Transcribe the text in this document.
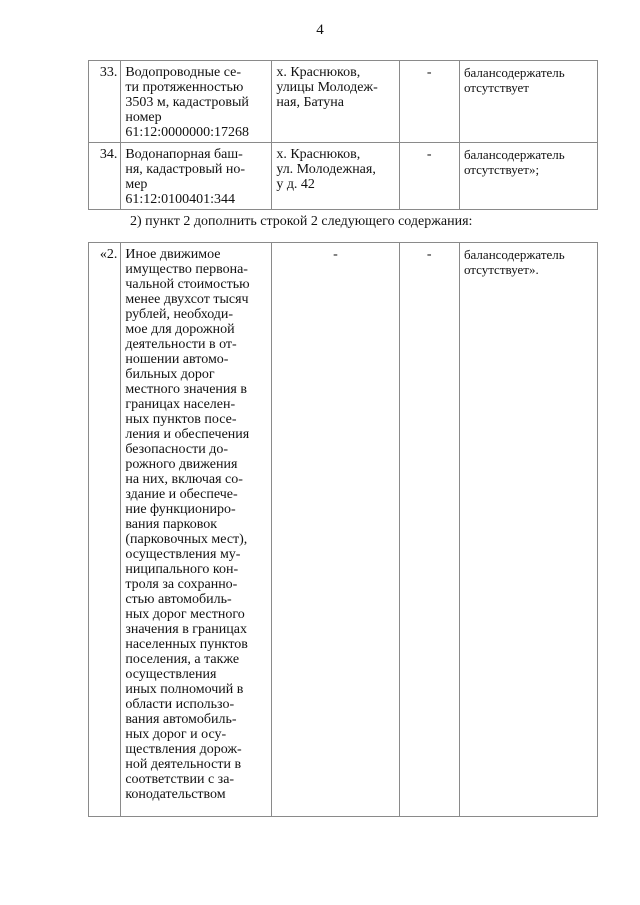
4
33.	Водопроводные се-
ти протяженностью
3503 м, кадастровый
номер
61:12:0000000:17268	х. Краснюков,
улицы Молодеж-
ная, Батуна	-	балансодержатель
отсутствует
34.	Водонапорная баш-
ня, кадастровый но-
мер
61:12:0100401:344	х. Краснюков,
ул. Молодежная,
у д. 42	-	балансодержатель
отсутствует»;
2) пункт 2 дополнить строкой 2 следующего содержания:
«2.	Иное движимое
имущество первона-
чальной стоимостью
менее двухсот тысяч
рублей, необходи-
мое для дорожной
деятельности в от-
ношении автомо-
бильных дорог
местного значения в
границах населен-
ных пунктов посе-
ления и обеспечения
безопасности до-
рожного движения
на них, включая со-
здание и обеспече-
ние функциониро-
вания парковок
(парковочных мест),
осуществления му-
ниципального кон-
троля за сохранно-
стью автомобиль-
ных дорог местного
значения в границах
населенных пунктов
поселения, а также
осуществления
иных полномочий в
области использо-
вания автомобиль-
ных дорог и осу-
ществления дорож-
ной деятельности в
соответствии с за-
конодательством	-	-	балансодержатель
отсутствует».
